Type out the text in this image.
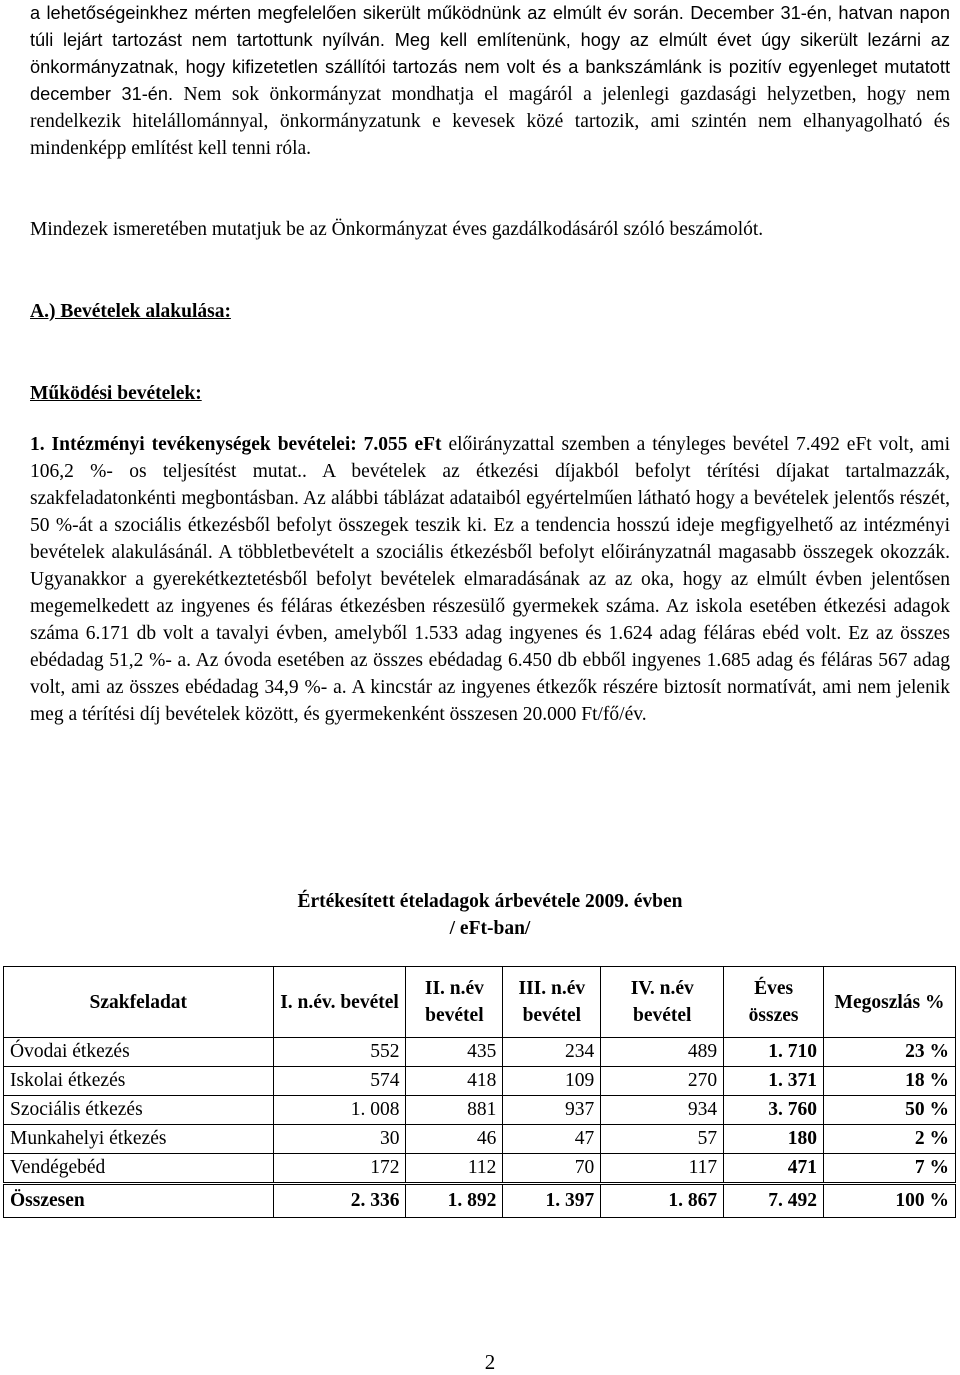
a lehetőségeinkhez mérten megfelelően sikerült működnünk az elmúlt év során. December 31-én, hatvan napon túli lejárt tartozást nem tartottunk nyílván. Meg kell említenünk, hogy az elmúlt évet úgy sikerült lezárni az önkormányzatnak, hogy kifizetetlen szállítói tartozás nem volt és a bankszámlánk is pozitív egyenleget mutatott december 31-én. Nem sok önkormányzat mondhatja el magáról a jelenlegi gazdasági helyzetben, hogy nem rendelkezik hitelállománnyal, önkormányzatunk e kevesek közé tartozik, ami szintén nem elhanyagolható és mindenképp említést kell tenni róla.

Mindezek ismeretében mutatjuk be az Önkormányzat éves gazdálkodásáról szóló beszámolót.

A.) Bevételek alakulása:

Működési bevételek:

1. Intézményi tevékenységek bevételei: 7.055 eFt előirányzattal szemben a tényleges bevétel 7.492 eFt volt, ami 106,2 %- os teljesítést mutat.. A bevételek az étkezési díjakból befolyt térítési díjakat tartalmazzák, szakfeladatonkénti megbontásban. Az alábbi táblázat adataiból egyértelműen látható hogy a bevételek jelentős részét, 50 %-át a szociális étkezésből befolyt összegek teszik ki. Ez a tendencia hosszú ideje megfigyelhető az intézményi bevételek alakulásánál. A többletbevételt a szociális étkezésből befolyt előirányzatnál magasabb összegek okozzák. Ugyanakkor a gyerekétkeztetésből befolyt bevételek elmaradásának az az oka, hogy az elmúlt évben jelentősen megemelkedett az ingyenes és féláras étkezésben részesülő gyermekek száma. Az iskola esetében étkezési adagok száma 6.171 db volt a tavalyi évben, amelyből 1.533 adag ingyenes és 1.624 adag féláras ebéd volt. Ez az összes ebédadag 51,2 %- a. Az óvoda esetében az összes ebédadag 6.450 db ebből ingyenes 1.685 adag és féláras 567 adag volt, ami az összes ebédadag 34,9 %- a. A kincstár az ingyenes étkezők részére biztosít normatívát, ami nem jelenik meg a térítési díj bevételek között, és gyermekenként összesen 20.000 Ft/fő/év.

Értékesített ételadagok árbevétele 2009. évben
/ eFt-ban/
Szakfeladat	I. n.év. bevétel	II. n.év bevétel	III. n.év bevétel	IV. n.év bevétel	Éves összes	Megoszlás %
Óvodai étkezés	552	435	234	489	1. 710	23 %
Iskolai étkezés	574	418	109	270	1. 371	18 %
Szociális étkezés	1. 008	881	937	934	3. 760	50 %
Munkahelyi étkezés	30	46	47	57	180	2 %
Vendégebéd	172	112	70	117	471	7 %
Összesen	2. 336	1. 892	1. 397	1. 867	7. 492	100 %
2
